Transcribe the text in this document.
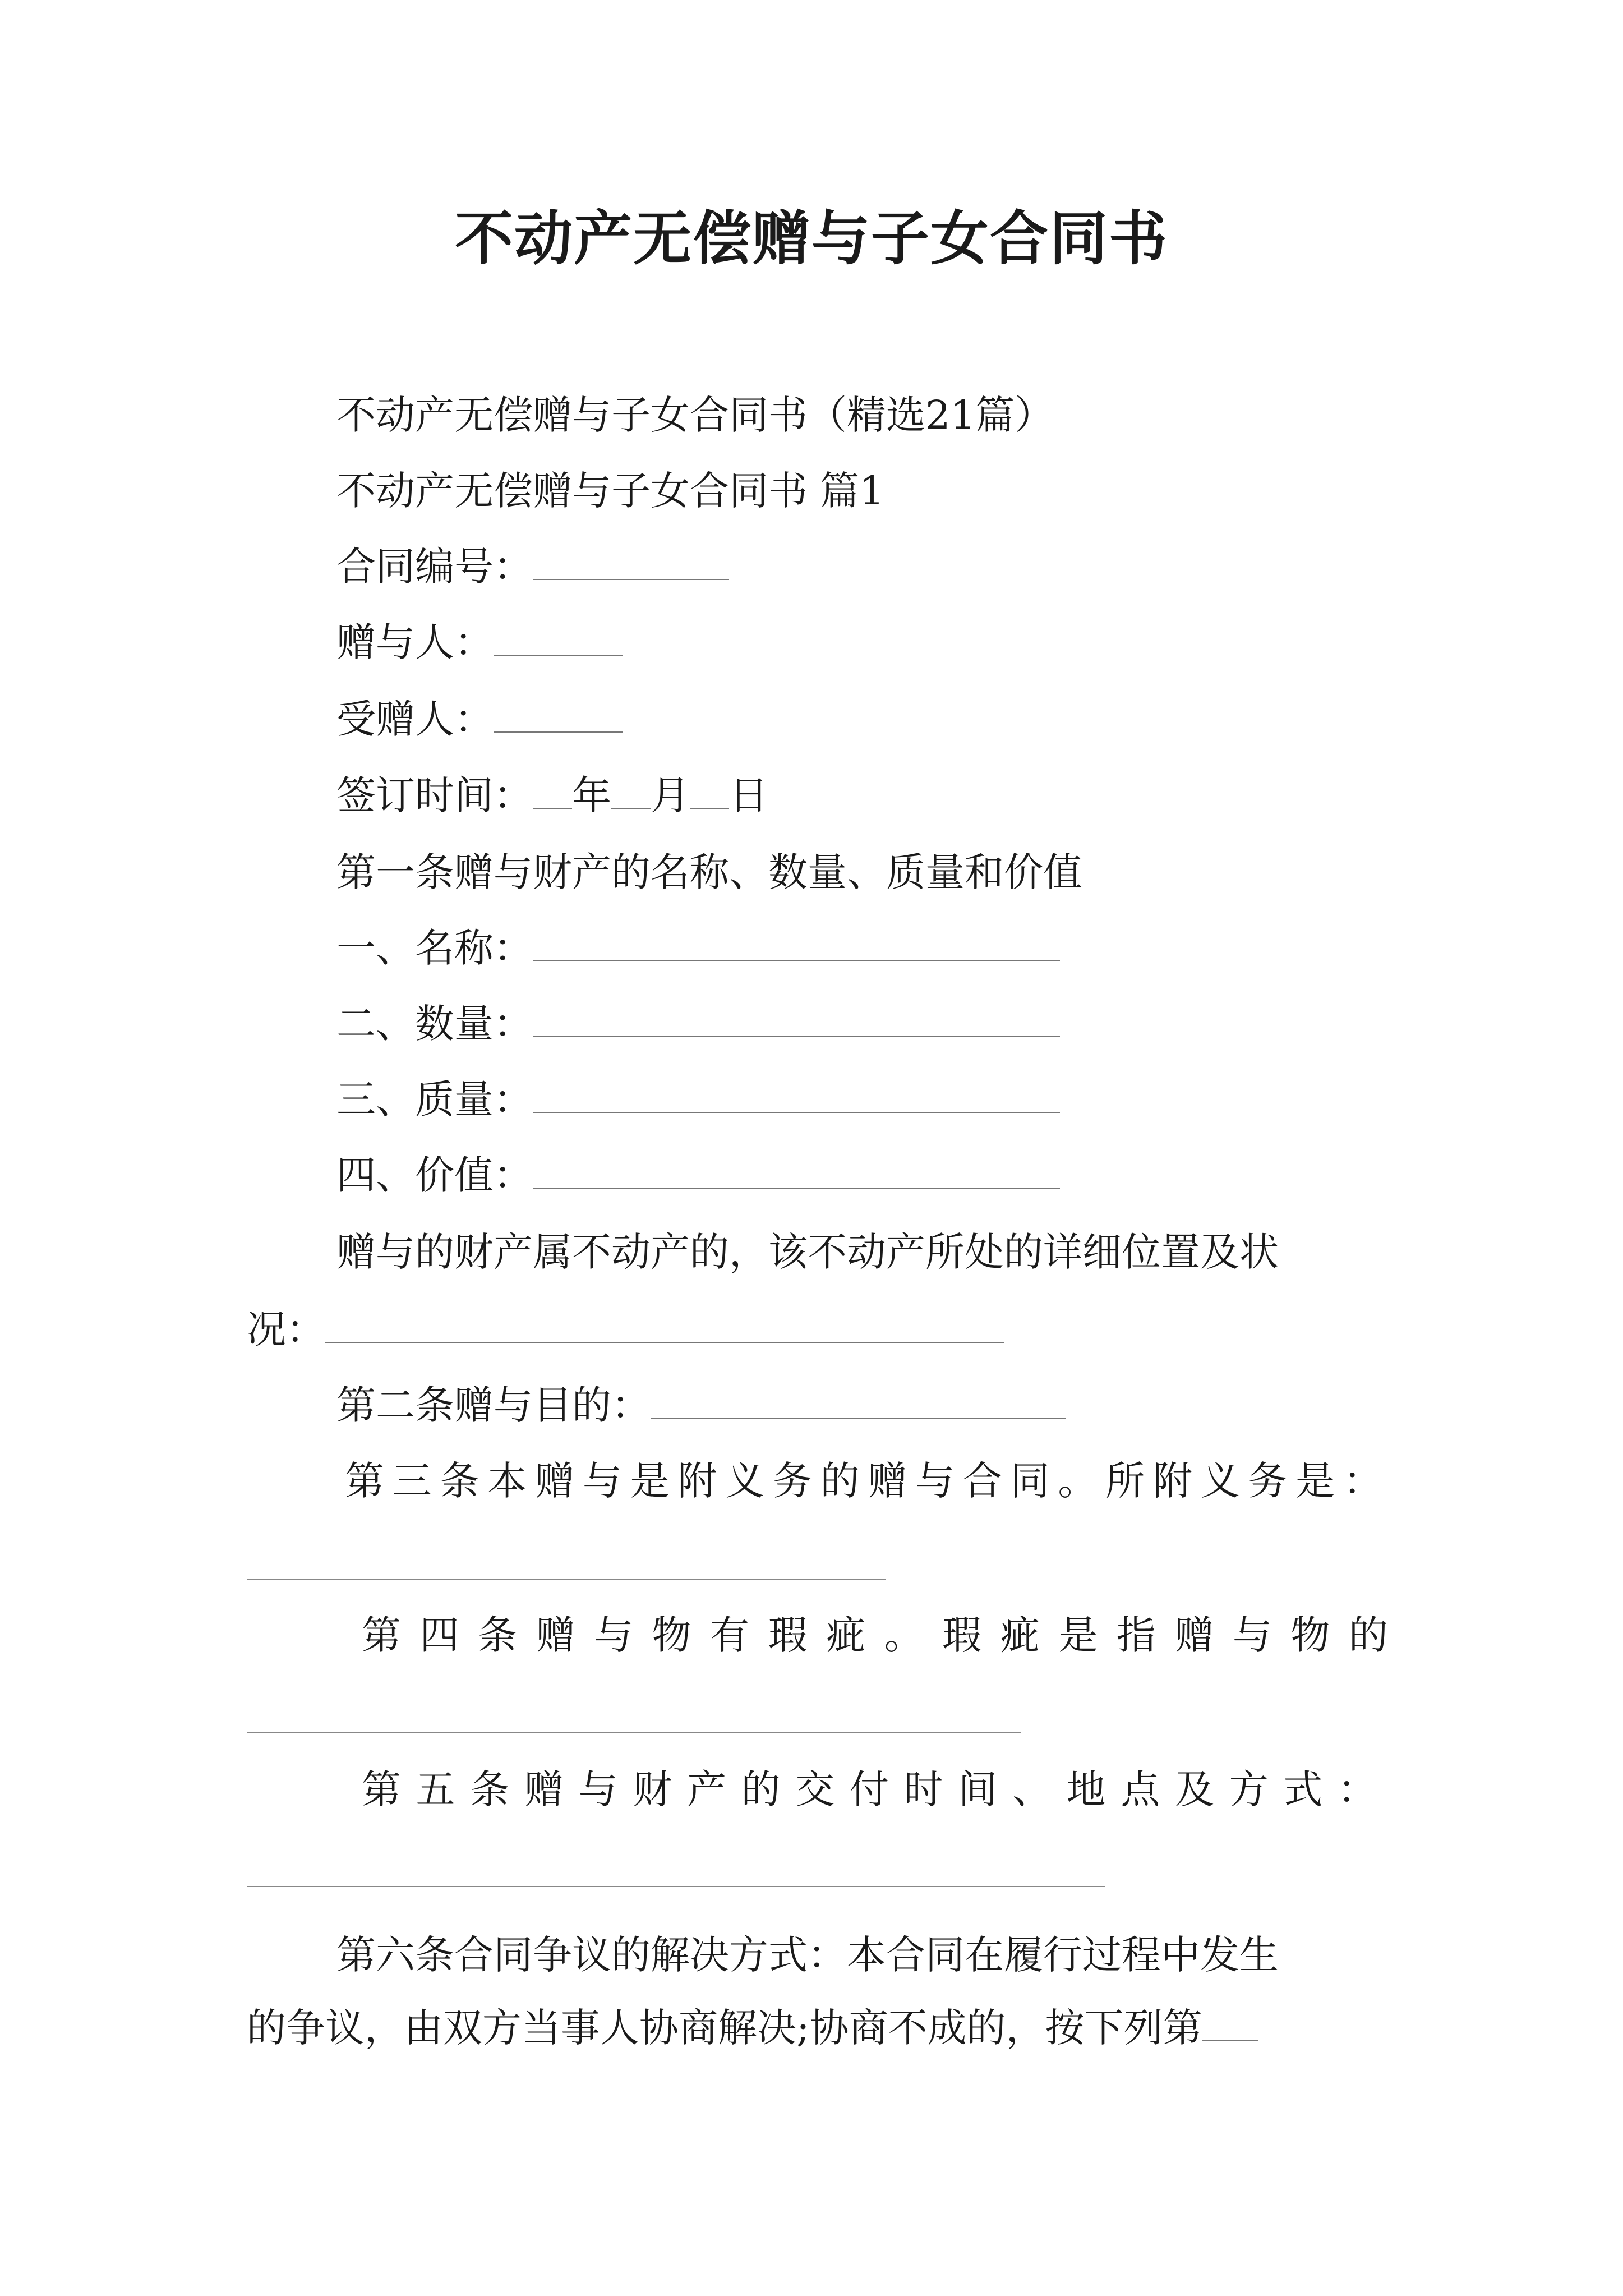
不动产无偿赠与子女合同书
不动产无偿赠与子女合同书（精选21篇）
不动产无偿赠与子女合同书 篇1
合同编号：
赠与人：
受赠人：
签订时间： 年 月 日
第一条赠与财产的名称、数量、质量和价值
一、名称：
二、数量：
三、质量：
四、价值：
赠与的财产属不动产的，该不动产所处的详细位置及状
况：
第二条赠与目的：
第三条本赠与是附义务的赠与合同。所附义务是：
第四条赠与物有瑕疵。瑕疵是指赠与物的
第五条赠与财产的交付时间、地点及方式：
第六条合同争议的解决方式：本合同在履行过程中发生
的争议，由双方当事人协商解决;协商不成的，按下列第
